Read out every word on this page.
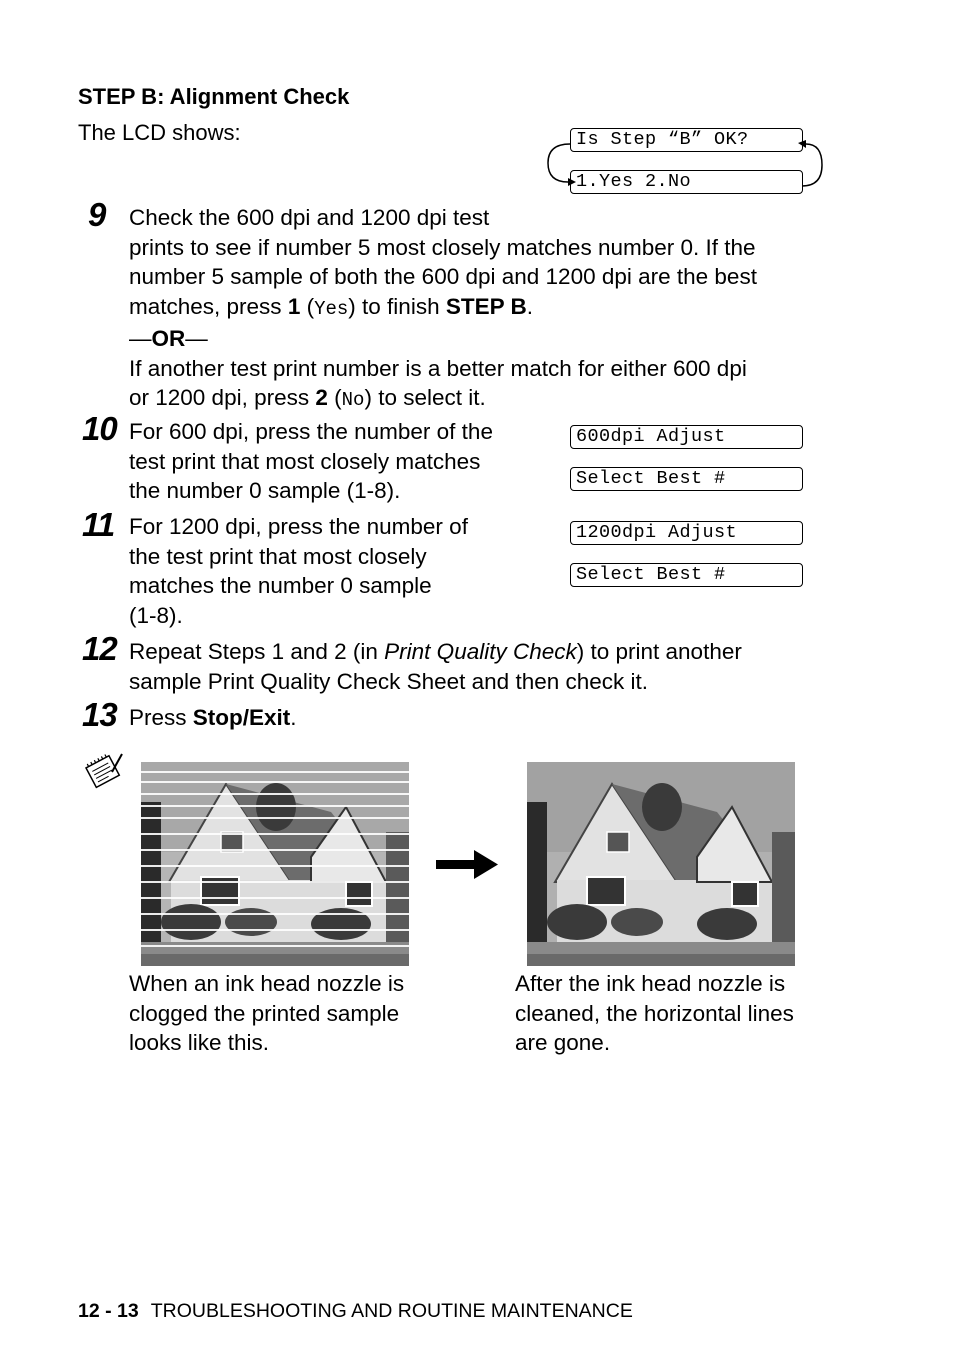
STEP B: Alignment Check
The LCD shows:	Is Step “B” OK?
1.Yes 2.No
9 Check the 600 dpi and 1200 dpi test
prints to see if number 5 most closely matches number 0. If the
number 5 sample of both the 600 dpi and 1200 dpi are the best
matches, press 1 (Yes) to finish STEP B.
—OR—
If another test print number is a better match for either 600 dpi
or 1200 dpi, press 2 (No) to select it.
10 For 600 dpi, press the number of the
test print that most closely matches
the number 0 sample (1-8).
600dpi Adjust
Select Best #
11 For 1200 dpi, press the number of
the test print that most closely
matches the number 0 sample
(1-8).
1200dpi Adjust
Select Best #
12 Repeat Steps 1 and 2 (in Print Quality Check) to print another
sample Print Quality Check Sheet and then check it.
13 Press Stop/Exit.
When an ink head nozzle is
clogged the printed sample
looks like this.
After the ink head nozzle is
cleaned, the horizontal lines
are gone.
12 - 13 TROUBLESHOOTING AND ROUTINE MAINTENANCE
